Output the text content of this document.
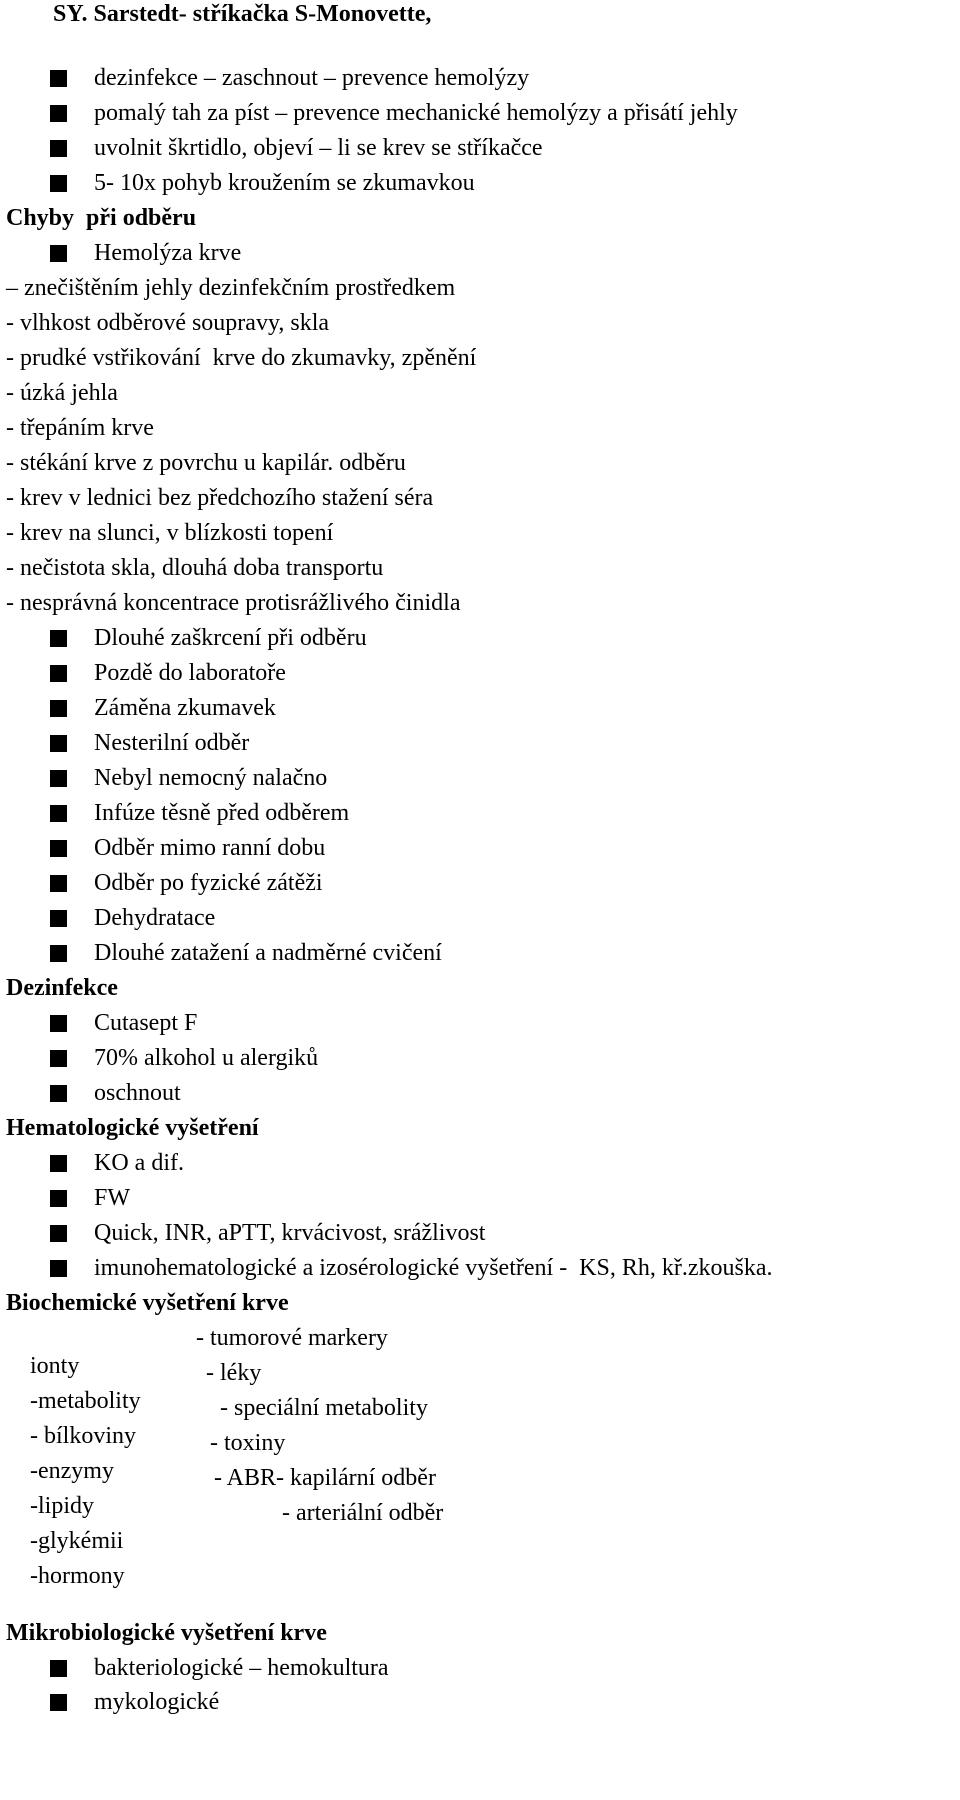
SY. Sarstedt- stříkačka S-Monovette,

dezinfekce – zaschnout – prevence hemolýzy

pomalý tah za píst – prevence mechanické hemolýzy a přisátí jehly

uvolnit škrtidlo, objeví – li se krev se stříkačce

5- 10x pohyb kroužením se zkumavkou

Chyby  při odběru

Hemolýza krve

– znečištěním jehly dezinfekčním prostředkem
- vlhkost odběrové soupravy, skla
- prudké vstřikování  krve do zkumavky, zpěnění
- úzká jehla
- třepáním krve
- stékání krve z povrchu u kapilár. odběru
- krev v lednici bez předchozího stažení séra
- krev na slunci, v blízkosti topení
- nečistota skla, dlouhá doba transportu
- nesprávná koncentrace protisrážlivého činidla

Dlouhé zaškrcení při odběru

Pozdě do laboratoře

Záměna zkumavek

Nesterilní odběr

Nebyl nemocný nalačno

Infúze těsně před odběrem

Odběr mimo ranní dobu

Odběr po fyzické zátěži

Dehydratace

Dlouhé zatažení a nadměrné cvičení

Dezinfekce

Cutasept F

70% alkohol u alergiků

oschnout

Hematologické vyšetření

KO a dif.

FW

Quick, INR, aPTT, krvácivost, srážlivost

imunohematologické a izosérologické vyšetření -  KS, Rh, kř.zkouška.

Biochemické vyšetření krve

ionty

- tumorové markery

-metabolity

- léky

- bílkoviny

- speciální metabolity

-enzymy

- toxiny

-lipidy

- ABR- kapilární odběr

-glykémii

- arteriální odběr

-hormony

Mikrobiologické vyšetření krve

bakteriologické – hemokultura

mykologické
